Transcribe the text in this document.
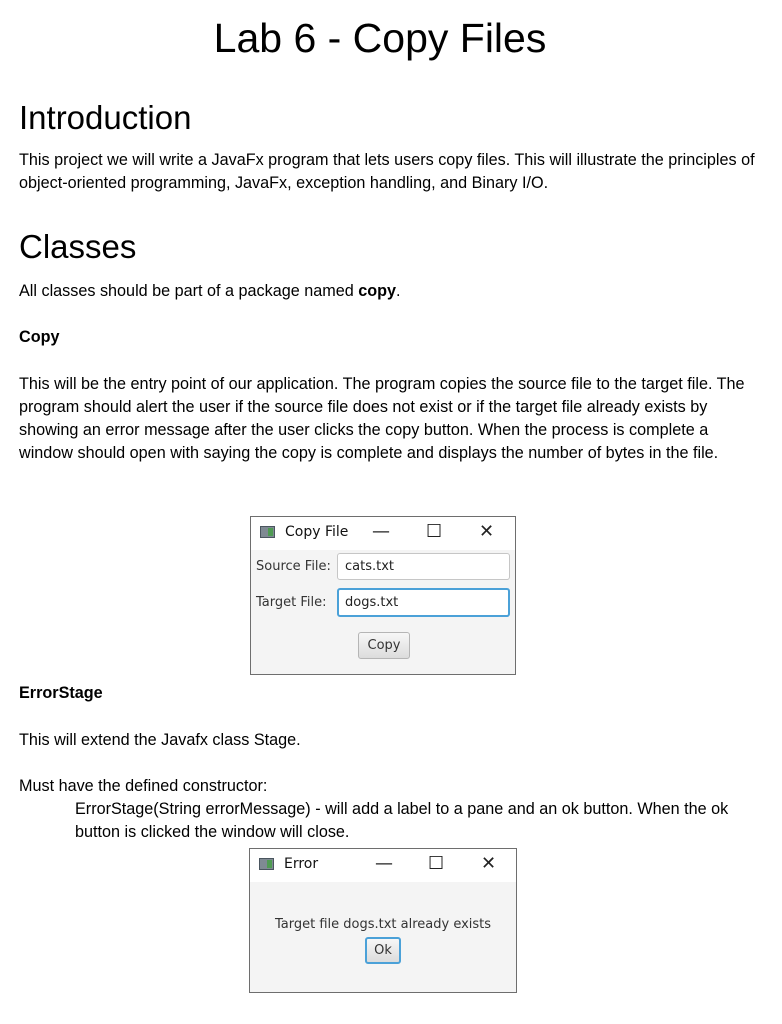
Lab 6 - Copy Files
Introduction
This project we will write a JavaFx program that lets users copy files. This will illustrate the principles of object-oriented programming, JavaFx, exception handling, and Binary I/O.
Classes
All classes should be part of a package named copy.
Copy
This will be the entry point of our application. The program copies the source file to the target file. The program should alert the user if the source file does not exist or if the target file already exists by showing an error message after the user clicks the copy button. When the process is complete a window should open with saying the copy is complete and displays the number of bytes in the file.
Copy File — ☐ ✕
Source File:
cats.txt
Target File:
dogs.txt
Copy
ErrorStage
This will extend the Javafx class Stage.
Must have the defined constructor:
ErrorStage(String errorMessage) - will add a label to a pane and an ok button. When the ok button is clicked the window will close.
Error	— ☐ ✕
Target file dogs.txt already exists
Ok
